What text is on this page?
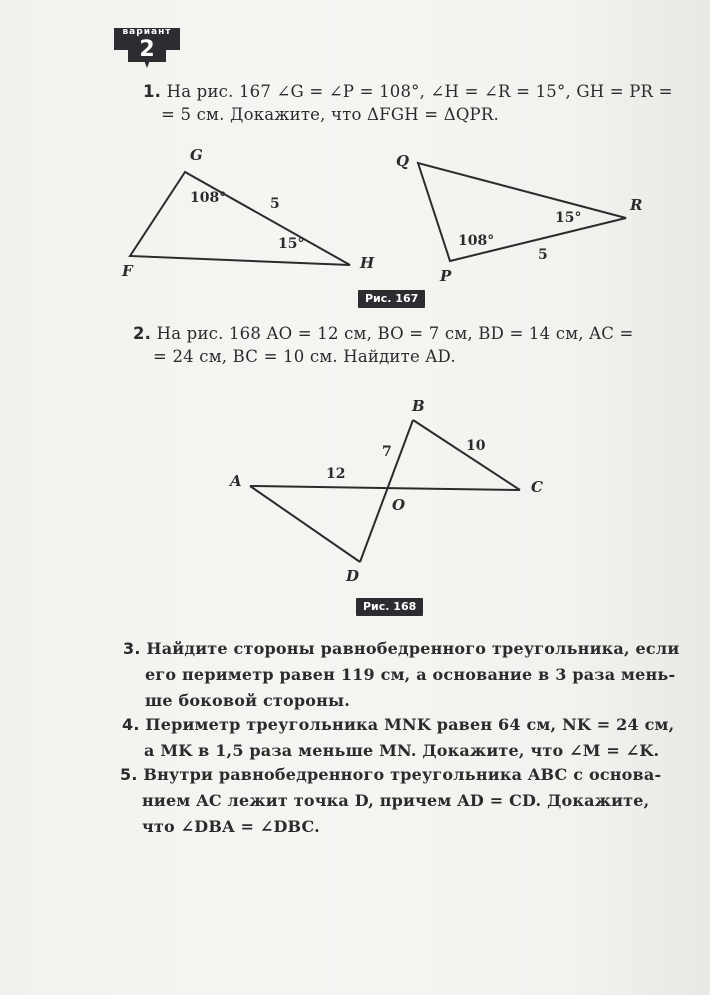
вариант
2
1. На рис. 167 ∠G = ∠P = 108°, ∠H = ∠R = 15°, GH = PR =
= 5 см. Докажите, что ΔFGH = ΔQPR.
G
F	H
108°
15°
5
Q
P
R
108°
15°
5
Рис. 167
2. На рис. 168 AO = 12 см, BO = 7 см, BD = 14 см, AC =
= 24 см, BC = 10 см. Найдите AD.
A
B
C
D
O
12
7	10
Рис. 168
3. Найдите стороны равнобедренного треугольника, если
его периметр равен 119 см, а основание в 3 раза мень-
ше боковой стороны.
4. Периметр треугольника MNK равен 64 см, NK = 24 см,
а MK в 1,5 раза меньше MN. Докажите, что ∠M = ∠K.
5. Внутри равнобедренного треугольника ABC с основа-
нием AC лежит точка D, причем AD = CD. Докажите,
что ∠DBA = ∠DBC.
